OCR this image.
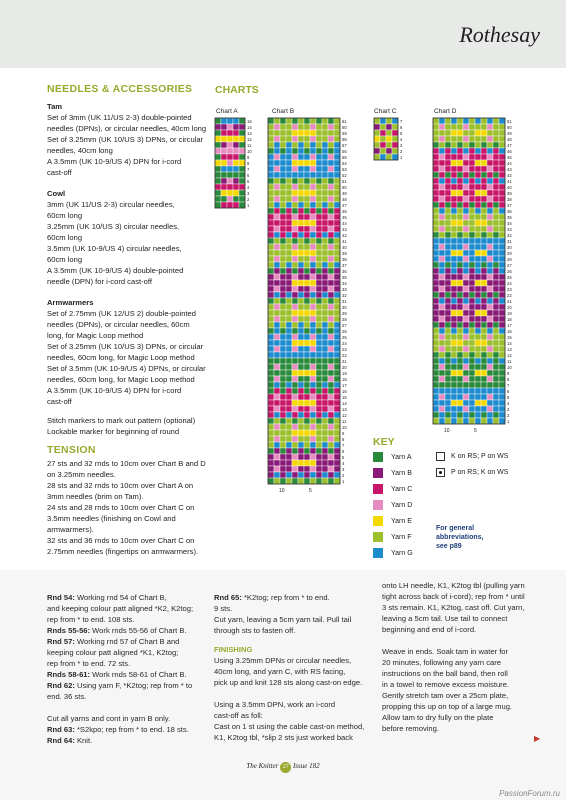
Rothesay
NEEDLES & ACCESSORIES
Tam
Set of 3mm (UK 11/US 2-3) double-pointed
needles (DPNs), or circular needles, 40cm long
Set of 3.25mm (UK 10/US 3) DPNs, or circular
needles, 40cm long
A 3.5mm (UK 10-9/US 4) DPN for i-cord
cast-off
Cowl
3mm (UK 11/US 2-3) circular needles,
60cm long
3.25mm (UK 10/US 3) circular needles,
60cm long
3.5mm (UK 10-9/US 4) circular needles,
60cm long
A 3.5mm (UK 10-9/US 4) double-pointed
needle (DPN) for i-cord cast-off
Armwarmers
Set of 2.75mm (UK 12/US 2) double-pointed
needles (DPNs), or circular needles, 60cm
long, for Magic Loop method
Set of 3.25mm (UK 10/US 3) DPNs, or circular
needles, 60cm long, for Magic Loop method
Set of 3.5mm (UK 10-9/US 4) DPNs, or circular
needles, 60cm long, for Magic Loop method
A 3.5mm (UK 10-9/US 4) DPN for i-cord
cast-off
Stitch markers to mark out pattern (optional)
Lockable marker for beginning of round
TENSION
27 sts and 32 rnds to 10cm over Chart B and D
on 3.25mm needles.
28 sts and 32 rnds to 10cm over Chart A on
3mm needles (brim on Tam).
24 sts and 28 rnds to 10cm over Chart C on
3.5mm needles (finishing on Cowl and
armwarmers).
32 sts and 36 rnds to 10cm over Chart C on
2.75mm needles (fingertips on armwarmers).
CHARTS
Chart A	Chart B	Chart C	Chart D
15
14
13
12
11
10
9
8
7
6
5
4
3
2
1
61
60
59
58
57
56
55
54
53
52
51
50
49
48
47
46
45
44
43
42
41
40
39
38
37
36
35
34
33
32
31
30
29
28
27
26
25
24
23
22
21
20
19
18
17
16
15
14
13
12
11
10
9
8
7
6
5
4
3
2
1
10	5
7
6
5
4
3
2
1
51
50
49
48
47
46
45
44
43
42
41
40
39
38
37
36
35
34
33
32
31
30
29
28
27
26
25
24
23
22
21
20
19
18
17
16
15
14
13
12
11
10
9
8
7
6
5
4
3
2
1
10	5
KEY
Yarn A
Yarn B
Yarn C
Yarn D
Yarn E
Yarn F
Yarn G
K on RS; P on WS
P on RS; K on WS
For general
abbreviations,
see p89
Rnd 54: Working rnd 54 of Chart B,
and keeping colour patt aligned *K2, K2tog;
rep from * to end. 108 sts.
Rnds 55-56: Work rnds 55-56 of Chart B.
Rnd 57: Working rnd 57 of Chart B and
keeping colour patt aligned *K1, K2tog;
rep from * to end. 72 sts.
Rnds 58-61: Work rnds 58-61 of Chart B.
Rnd 62: Using yarn F, *K2tog; rep from * to
end. 36 sts.

Cut all yarns and cont in yarn B only.
Rnd 63: *S2kpo; rep from * to end. 18 sts.
Rnd 64: Knit.
Rnd 65: *K2tog; rep from * to end.
9 sts.
Cut yarn, leaving a 5cm yarn tail. Pull tail
through sts to fasten off.
FINISHING
Using 3.25mm DPNs or circular needles,
40cm long, and yarn C, with RS facing,
pick up and knit 128 sts along cast-on edge.

Using a 3.5mm DPN, work an i-cord
cast-off as foll:
Cast on 1 st using the cable cast-on method,
K1, K2tog tbl, *slip 2 sts just worked back
onto LH needle, K1, K2tog tbl (pulling yarn
tight across back of i-cord); rep from * until
3 sts remain. K1, K2tog, cast off. Cut yarn,
leaving a 5cm tail. Use tail to connect
beginning and end of i-cord.

Weave in ends. Soak tam in water for
20 minutes, following any yarn care
instructions on the ball band, then roll
in a towel to remove excess moisture.
Gently stretch tam over a 25cm plate,
propping this up on top of a large mug.
Allow tam to dry fully on the plate
before removing.
▶
The Knitter 27 Issue 182
PassionForum.ru
